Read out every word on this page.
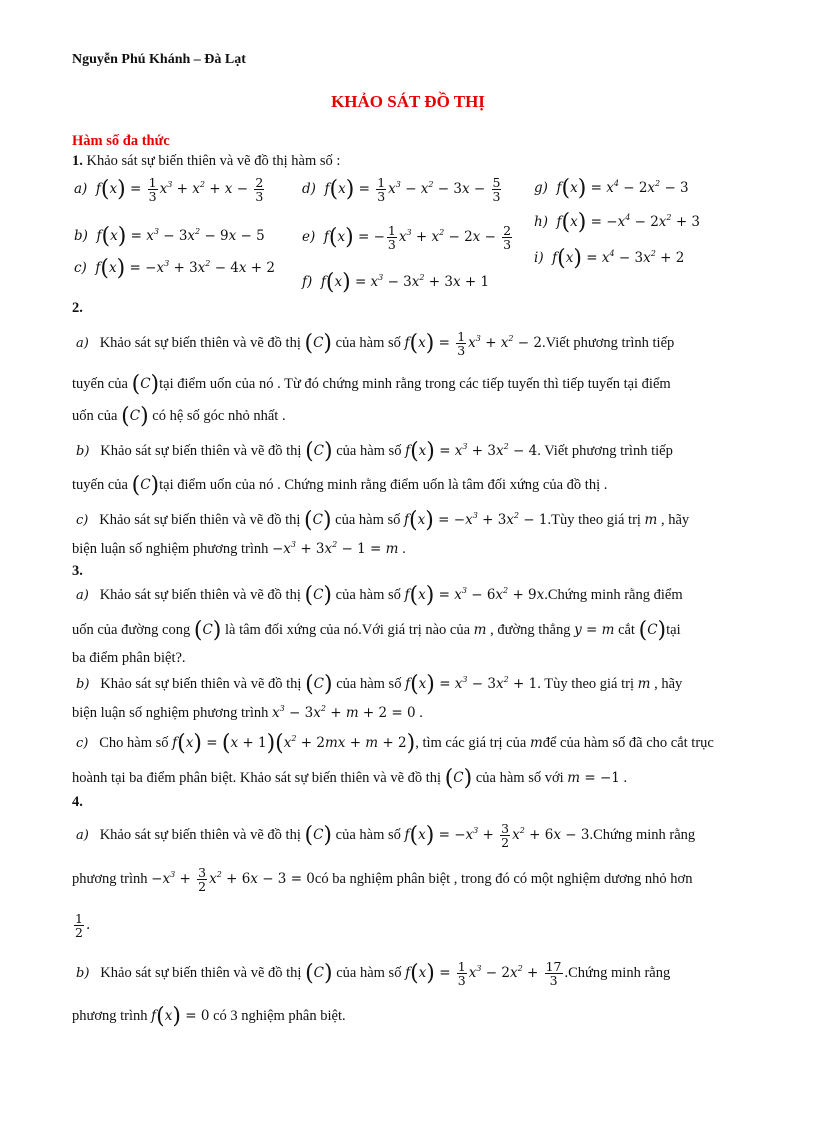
Nguyễn Phú Khánh – Đà Lạt
KHẢO SÁT ĐỒ THỊ
Hàm số đa thức
1. Khảo sát sự biến thiên và vẽ đồ thị hàm số :
a)  $f(x) = \frac{1}{3} x^3 + x^2 + x - \frac{2}{3}$
b)  $f(x) = x^3 - 3x^2 - 9x - 5$
c)  $f(x) = -x^3 + 3x^2 - 4x + 2$
d)  $f(x) = \frac{1}{3} x^3 - x^2 - 3x - \frac{5}{3}$
e)  f(x) = − $\frac{1}{3} x^3 + x^2 - 2x - \frac{2}{3}$
f)  $f(x) = x^3 - 3x^2 + 3x + 1$
g)  $f(x) = x^4 - 2x^2 - 3$
h)  $f(x) = -x^4 - 2x^2 + 3$
i)  $f(x) = x^4 - 3x^2 + 2$
2.
a) Khảo sát sự biến thiên và vẽ đồ thị (C) của hàm số $f(x) = \frac{1}{3} x^3 + x^2$ − 2.Viết phương trình tiếp
tuyến của (C)tại điểm uốn của nó . Từ đó chứng minh rằng trong các tiếp tuyến thì tiếp tuyến tại điểm
uốn của (C) có hệ số góc nhỏ nhất .
b) Khảo sát sự biến thiên và vẽ đồ thị (C) của hàm số $f(x) = x^3 + 3x^2 - 4$. Viết phương trình tiếp
tuyến của (C)tại điểm uốn của nó . Chứng minh rằng điểm uốn là tâm đối xứng của đồ thị .
c) Khảo sát sự biến thiên và vẽ đồ thị (C) của hàm số $f(x) = -x^3 + 3x^2$ − 1.Tùy theo giá trị m , hãy
biện luận số nghiệm phương trình $-x^3 + 3x^2 - 1 = m$ .
3.
a) Khảo sát sự biến thiên và vẽ đồ thị (C) của hàm số $f(x) = x^3 - 6x^2$ + 9x.Chứng minh rằng điểm
uốn của đường cong (C) là tâm đối xứng của nó.Với giá trị nào của m , đường thẳng y = m cắt (C)tại
ba điểm phân biệt?.
b) Khảo sát sự biến thiên và vẽ đồ thị (C) của hàm số $f(x) = x^3 - 3x^2 + 1$. Tùy theo giá trị m , hãy
biện luận số nghiệm phương trình $x^3 - 3x^2 + m + 2 = 0$ .
c) Cho hàm số $f(x) = (x + 1)(x^2 + 2mx + m + 2)$, tìm các giá trị của mđể của hàm số đã cho cắt trục
hoành tại ba điểm phân biệt. Khảo sát sự biến thiên và vẽ đồ thị (C) của hàm số với m = −1 .
4.
a) Khảo sát sự biến thiên và vẽ đồ thị (C) của hàm số $f(x) = -x^3 + \frac{3}{2} x^2 + 6x$ − 3.Chứng minh rằng
phương trình $-x^3 + \frac{3}{2} x^2 + 6x - 3$ = 0có ba nghiệm phân biệt , trong đó có một nghiệm dương nhỏ hơn
$\frac{1}{2}$ .
b) Khảo sát sự biến thiên và vẽ đồ thị (C) của hàm số $f(x) = \frac{1}{3} x^3 - 2x^2 + \frac{17}{3}$ .Chứng minh rằng
phương trình f(x) = 0 có 3 nghiệm phân biệt.
